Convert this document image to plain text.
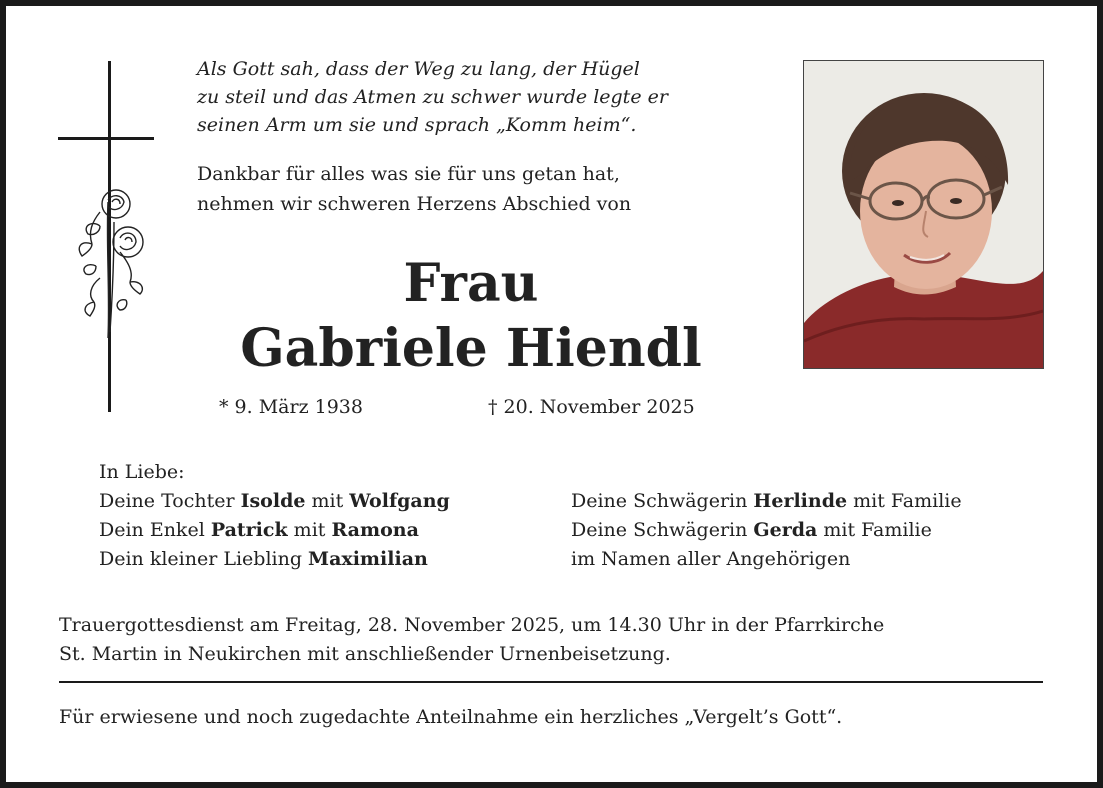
Als Gott sah, dass der Weg zu lang, der Hügel
zu steil und das Atmen zu schwer wurde legte er
seinen Arm um sie und sprach „Komm heim“.
Dankbar für alles was sie für uns getan hat,
nehmen wir schweren Herzens Abschied von
Frau
Gabriele Hiendl
* 9. März 1938	† 20. November 2025
In Liebe:
Deine Tochter Isolde mit Wolfgang
Dein Enkel Patrick mit Ramona
Dein kleiner Liebling Maximilian
Deine Schwägerin Herlinde mit Familie
Deine Schwägerin Gerda mit Familie
im Namen aller Angehörigen
Trauergottesdienst am Freitag, 28. November 2025, um 14.30 Uhr in der Pfarrkirche
St. Martin in Neukirchen mit anschließender Urnenbeisetzung.
Für erwiesene und noch zugedachte Anteilnahme ein herzliches „Vergelt’s Gott“.
